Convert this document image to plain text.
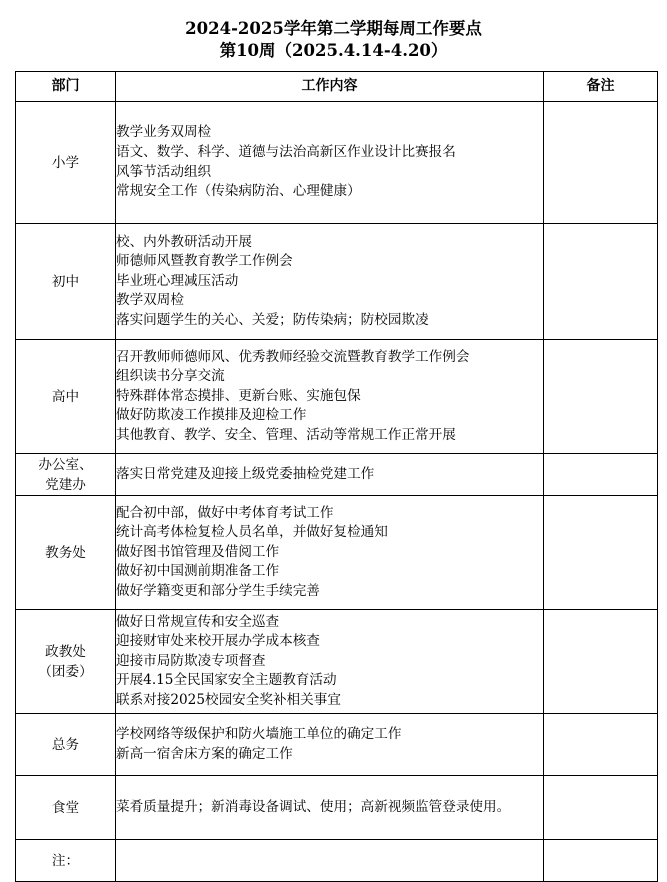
2024-2025学年第二学期每周工作要点
第10周（2025.4.14-4.20）
部门	工作内容	备注

小学	教学业务双周检
语文、数学、科学、道德与法治高新区作业设计比赛报名
风筝节活动组织
常规安全工作（传染病防治、心理健康）	

初中	校、内外教研活动开展
师德师风暨教育教学工作例会
毕业班心理减压活动
教学双周检
落实问题学生的关心、关爱；防传染病；防校园欺凌	

高中	召开教师师德师风、优秀教师经验交流暨教育教学工作例会
组织读书分享交流
特殊群体常态摸排、更新台账、实施包保
做好防欺凌工作摸排及迎检工作
其他教育、教学、安全、管理、活动等常规工作正常开展	

办公室、
党建办	落实日常党建及迎接上级党委抽检党建工作	

教务处	配合初中部，做好中考体育考试工作
统计高考体检复检人员名单，并做好复检通知
做好图书馆管理及借阅工作
做好初中国测前期准备工作
做好学籍变更和部分学生手续完善	

政教处
（团委）	做好日常规宣传和安全巡查
迎接财审处来校开展办学成本核查
迎接市局防欺凌专项督查
开展4.15全民国家安全主题教育活动
联系对接2025校园安全奖补相关事宜	

总务	学校网络等级保护和防火墙施工单位的确定工作
新高一宿舍床方案的确定工作	

食堂	菜肴质量提升；新消毒设备调试、使用；高新视频监管登录使用。	

注：		
